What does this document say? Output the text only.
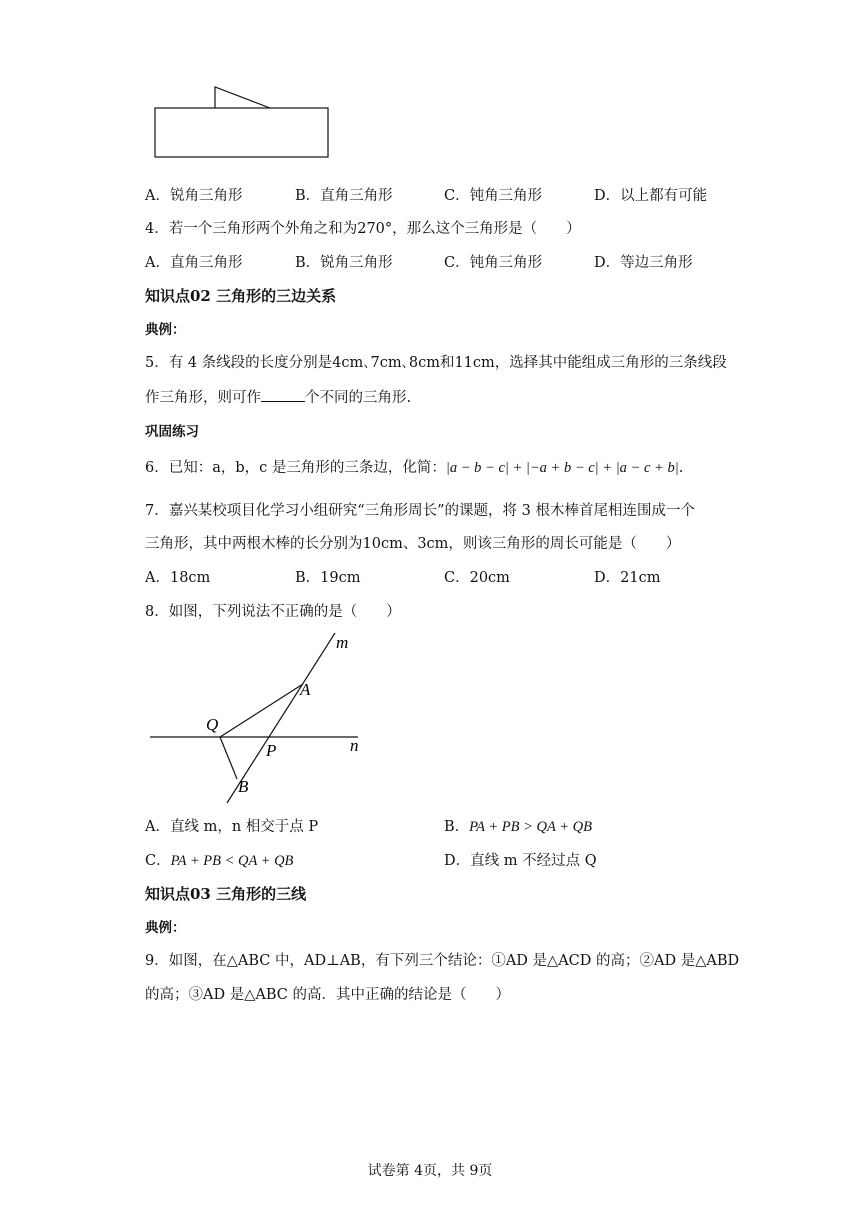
A．锐角三角形	B．直角三角形	C．钝角三角形	D．以上都有可能
4．若一个三角形两个外角之和为270°，那么这个三角形是（　　）
A．直角三角形	B．锐角三角形	C．钝角三角形	D．等边三角形
知识点02 三角形的三边关系
典例：
5．有 4 条线段的长度分别是4cm､7cm､8cm和11cm，选择其中能组成三角形的三条线段
作三角形，则可作	个不同的三角形.
巩固练习
6．已知：a，b，c 是三角形的三条边，化简：|a − b − c| + |−a + b − c| + |a − c + b|.
7．嘉兴某校项目化学习小组研究“三角形周长”的课题，将 3 根木棒首尾相连围成一个
三角形，其中两根木棒的长分别为10cm、3cm，则该三角形的周长可能是（　　）
A．18cm	B．19cm	C．20cm	D．21cm
8．如图，下列说法不正确的是（　　）
m
n
A
P
Q
B
A．直线 m，n 相交于点 P	B．PA + PB > QA + QB
C．PA + PB < QA + QB	D．直线 m 不经过点 Q
知识点03 三角形的三线
典例：
9．如图，在△ABC 中，AD⊥AB，有下列三个结论：①AD 是△ACD 的高；②AD 是△ABD
的高；③AD 是△ABC 的高．其中正确的结论是（　　）
试卷第 4页，共 9页
